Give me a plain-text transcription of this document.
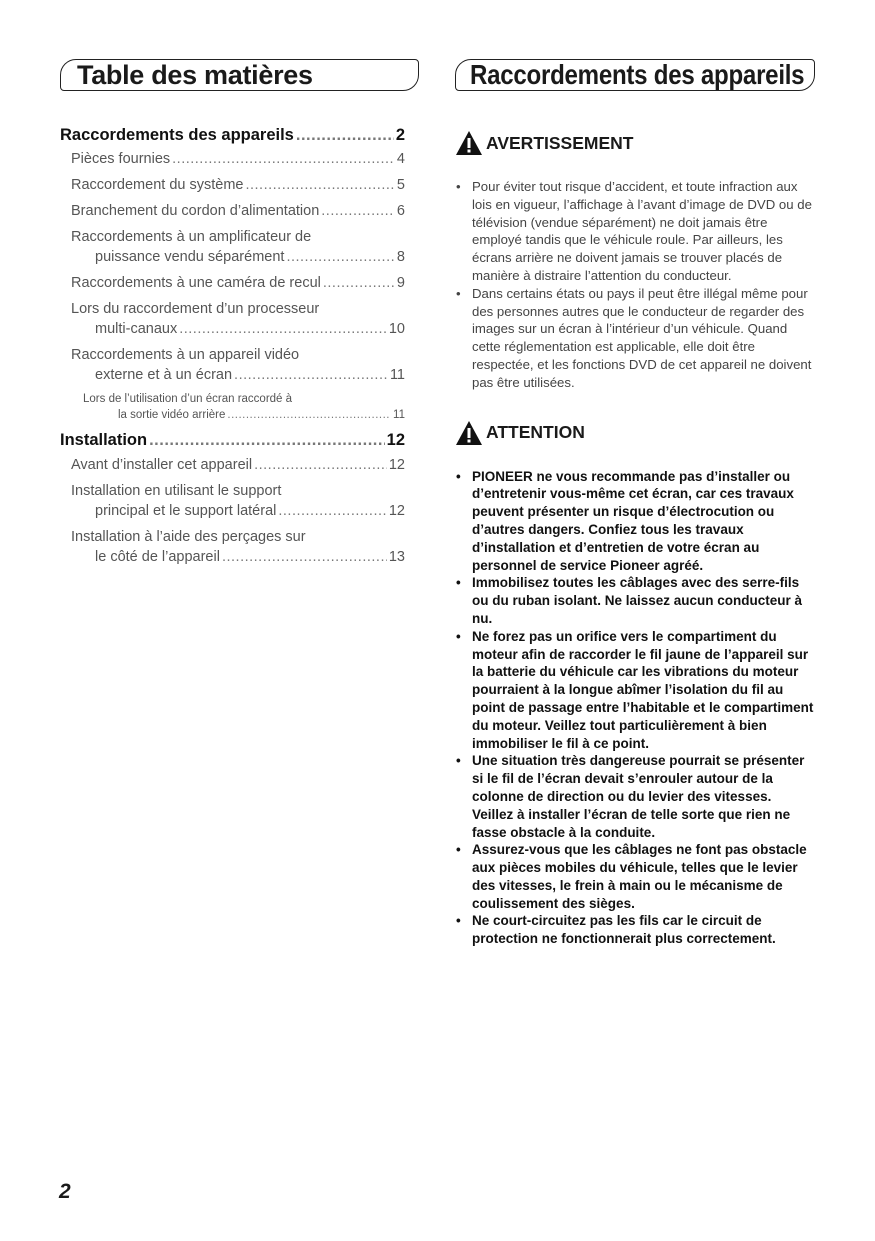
Table des matières	Raccordements des appareils
Raccordements des appareils .....	2
Pièces fournies .....	4
Raccordement du système .....	5
Branchement du cordon d’alimentation .....	6
Raccordements à un amplificateur de
puissance vendu séparément .....	8
Raccordements à une caméra de recul .....	9
Lors du raccordement d’un processeur
multi-canaux .....	10
Raccordements à un appareil vidéo
externe et à un écran .....	11
Lors de l’utilisation d’un écran raccordé à
la sortie vidéo arrière .....	11
Installation .....	12
Avant d’installer cet appareil .....	12
Installation en utilisant le support
principal et le support latéral .....	12
Installation à l’aide des perçages sur
le côté de l’appareil .....	13
AVERTISSEMENT
• Pour éviter tout risque d’accident, et toute infraction aux lois en vigueur, l’affichage à l’avant d’image de DVD ou de télévision (vendue séparément) ne doit jamais être employé tandis que le véhicule roule. Par ailleurs, les écrans arrière ne doivent jamais se trouver placés de manière à distraire l’attention du conducteur.
• Dans certains états ou pays il peut être illégal même pour des personnes autres que le conducteur de regarder des images sur un écran à l’intérieur d’un véhicule. Quand cette réglementation est applicable, elle doit être respectée, et les fonctions DVD de cet appareil ne doivent pas être utilisées.
ATTENTION
• PIONEER ne vous recommande pas d’installer ou d’entretenir vous-même cet écran, car ces travaux peuvent présenter un risque d’électrocution ou d’autres dangers. Confiez tous les travaux d’installation et d’entretien de votre écran au personnel de service Pioneer agréé.
• Immobilisez toutes les câblages avec des serre-fils ou du ruban isolant. Ne laissez aucun conducteur à nu.
• Ne forez pas un orifice vers le compartiment du moteur afin de raccorder le fil jaune de l’appareil sur la batterie du véhicule car les vibrations du moteur pourraient à la longue abîmer l’isolation du fil au point de passage entre l’habitable et le compartiment du moteur. Veillez tout particulièrement à bien immobiliser le fil à ce point.
• Une situation très dangereuse pourrait se présenter si le fil de l’écran devait s’enrouler autour de la colonne de direction ou du levier des vitesses. Veillez à installer l’écran de telle sorte que rien ne fasse obstacle à la conduite.
• Assurez-vous que les câblages ne font pas obstacle aux pièces mobiles du véhicule, telles que le levier des vitesses, le frein à main ou le mécanisme de coulissement des sièges.
• Ne court-circuitez pas les fils car le circuit de protection ne fonctionnerait plus correctement.
2
